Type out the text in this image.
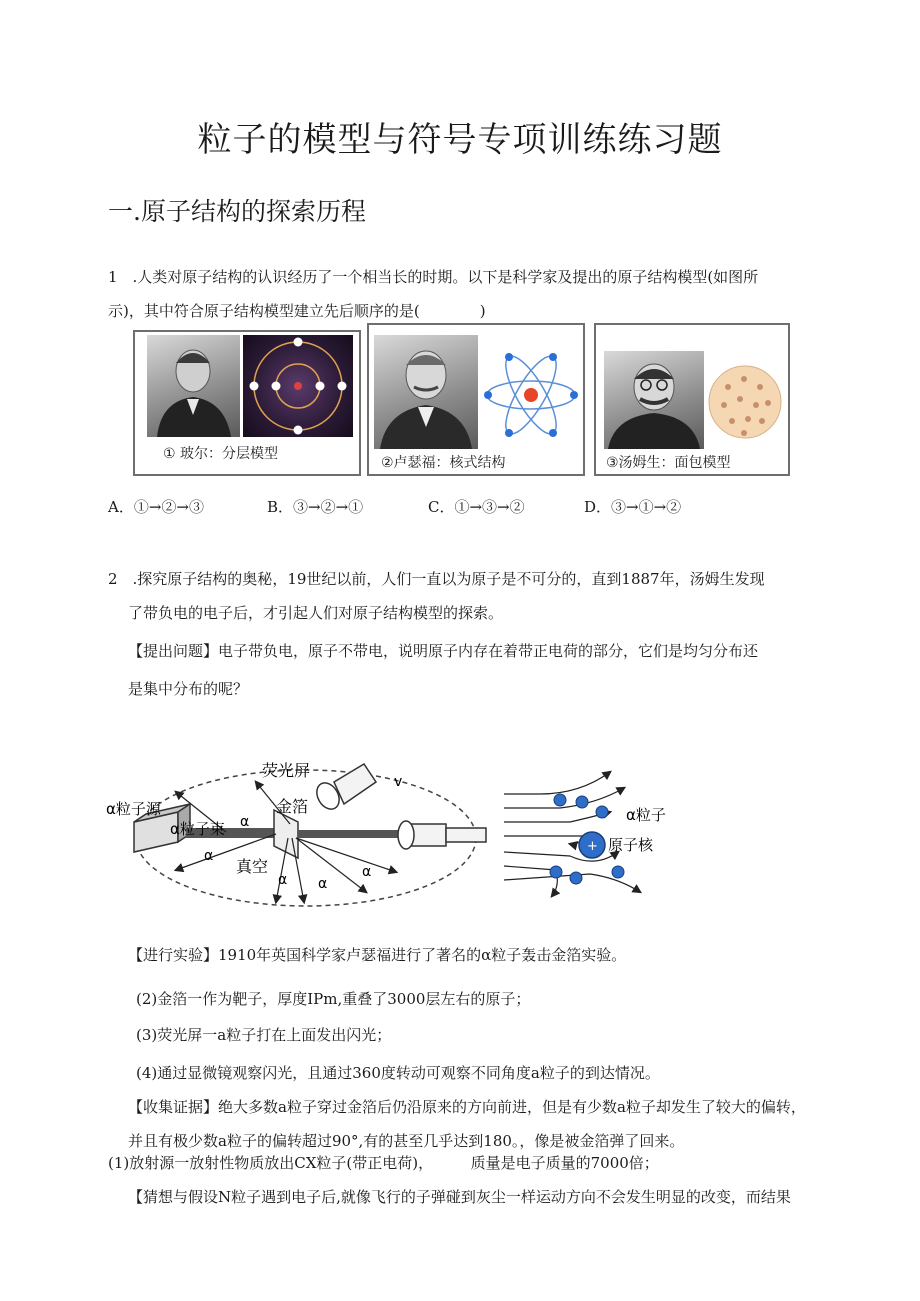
粒子的模型与符号专项训练练习题
一.原子结构的探索历程
1　.人类对原子结构的认识经历了一个相当长的时期。以下是科学家及提出的原子结构模型(如图所
示)，其中符合原子结构模型建立先后顺序的是(　　　　)
① 玻尔：分层模型
②卢瑟福：核式结构	③汤姆生：面包模型
A．①→②→③	B．③→②→①	C．①→③→②	D．③→①→②
2　.探究原子结构的奥秘，19世纪以前，人们一直以为原子是不可分的，直到1887年，汤姆生发现
了带负电的电子后，才引起人们对原子结构模型的探索。
【提出问题】电子带负电，原子不带电，说明原子内存在着带正电荷的部分，它们是均匀分布还
是集中分布的呢？
荧光屏
α粒子源
α粒子束
金箔
真空
v
α
α
α α
α
+
α粒子
原子核
【进行实验】1910年英国科学家卢瑟福进行了著名的α粒子轰击金箔实验。
(2)金箔一作为靶子，厚度IPm,重叠了3000层左右的原子；
(3)荧光屏一a粒子打在上面发出闪光；
(4)通过显微镜观察闪光，且通过360度转动可观察不同角度a粒子的到达情况。
【收集证据】绝大多数a粒子穿过金箔后仍沿原来的方向前进，但是有少数a粒子却发生了较大的偏转，
并且有极少数a粒子的偏转超过90°,有的甚至几乎达到180。，像是被金箔弹了回来。
(1)放射源一放射性物质放出CX粒子(带正电荷)，　　　质量是电子质量的7000倍；
【猜想与假设N粒子遇到电子后,就像飞行的子弹碰到灰尘一样运动方向不会发生明显的改变，而结果
